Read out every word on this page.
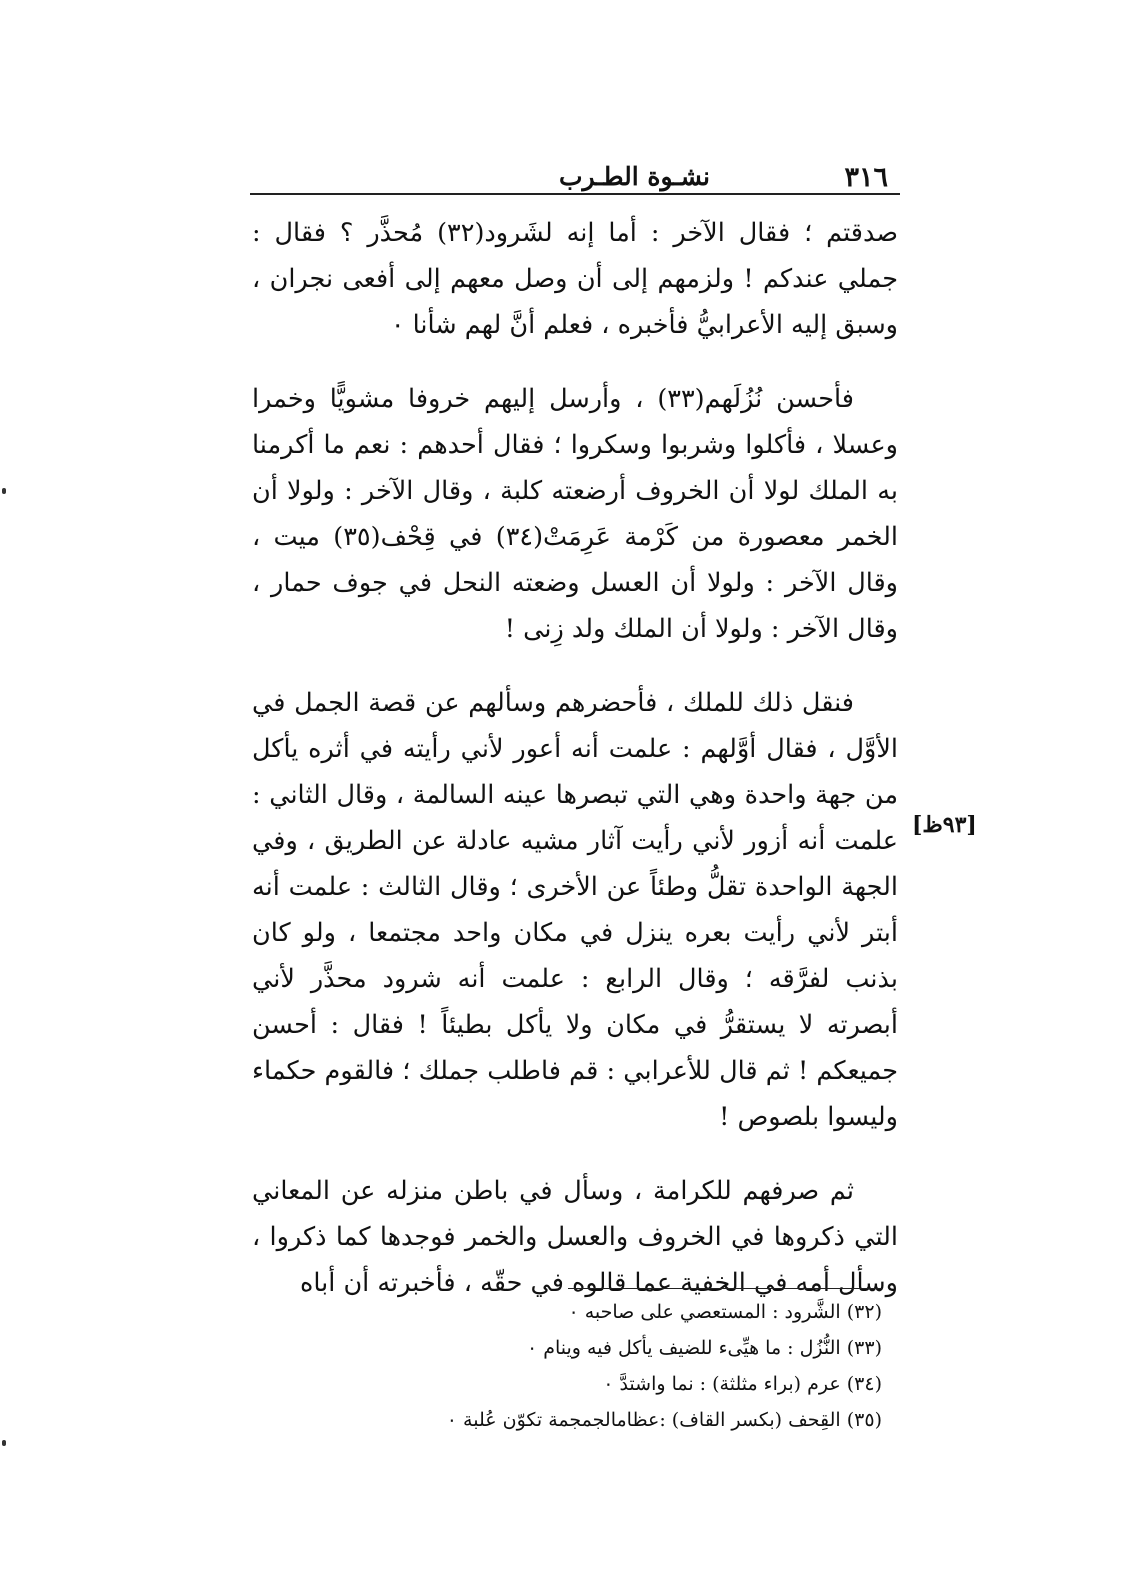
٣١٦
نشـوة الطـرب

صدقتم ؛ فقال الآخر : أما إنه لشَرود(٣٢) مُحذَّر ؟ فقال : جملي عندكم ! ولزمهم إلى أن وصل معهم إلى أفعى نجران ، وسبق إليه الأعرابيُّ فأخبره ، فعلم أنَّ لهم شأنا ٠

فأحسن نُزُلَهم(٣٣) ، وأرسل إليهم خروفا مشويًّا وخمرا وعسلا ، فأكلوا وشربوا وسكروا ؛ فقال أحدهم : نعم ما أكرمنا به الملك لولا أن الخروف أرضعته كلبة ، وقال الآخر : ولولا أن الخمر معصورة من كَرْمة عَرِمَتْ(٣٤) في قِحْف(٣٥) ميت ، وقال الآخر : ولولا أن العسل وضعته النحل في جوف حمار ، وقال الآخر : ولولا أن الملك ولد زِنى !

فنقل ذلك للملك ، فأحضرهم وسألهم عن قصة الجمل في الأوَّل ، فقال أوَّلهم : علمت أنه أعور لأني رأيته في أثره يأكل من جهة واحدة وهي التي تبصرها عينه السالمة ، وقال الثاني : علمت أنه أزور لأني رأيت آثار مشيه عادلة عن الطريق ، وفي الجهة الواحدة تقلُّ وطئاً عن الأخرى ؛ وقال الثالث : علمت أنه أبتر لأني رأيت بعره ينزل في مكان واحد مجتمعا ، ولو كان بذنب لفرَّقه ؛ وقال الرابع : علمت أنه شرود محذَّر لأني أبصرته لا يستقرُّ في مكان ولا يأكل بطيئاً ! فقال : أحسن جميعكم ! ثم قال للأعرابي : قم فاطلب جملك ؛ فالقوم حكماء وليسوا بلصوص !

ثم صرفهم للكرامة ، وسأل في باطن منزله عن المعاني التي ذكروها في الخروف والعسل والخمر فوجدها كما ذكروا ، وسأل أمه في الخفية عما قالوه في حقّه ، فأخبرته أن أباه

[٩٣ظ]

(٣٢) الشَّرود : المستعصي على صاحبه ٠

(٣٣) النُّزُل : ما هيِّىء للضيف يأكل فيه وينام ٠

(٣٤) عرم (براء مثلثة) : نما واشتدَّ ٠

(٣٥) القِحف (بكسر القاف) :عظامالجمجمة تكوّن عُلبة ٠
